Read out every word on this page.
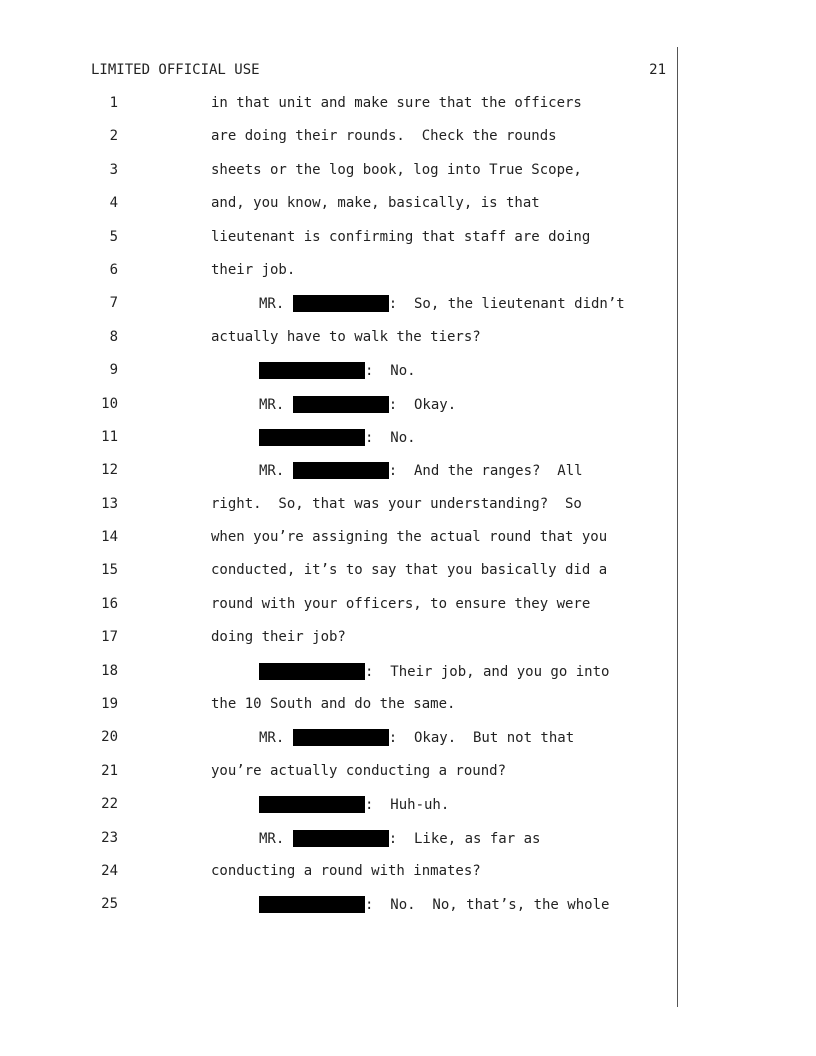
LIMITED OFFICIAL USE	21
1	in that unit and make sure that the officers
2	are doing their rounds.  Check the rounds
3	sheets or the log book, log into True Scope,
4	and, you know, make, basically, is that
5	lieutenant is confirming that staff are doing
6	their job.
7	MR.	:  So, the lieutenant didn’t
8	actually have to walk the tiers?
9	:  No.
10	MR.	:  Okay.
11	:  No.
12	MR.	:  And the ranges?  All
13	right.  So, that was your understanding?  So
14	when you’re assigning the actual round that you
15	conducted, it’s to say that you basically did a
16	round with your officers, to ensure they were
17	doing their job?
18	:  Their job, and you go into
19	the 10 South and do the same.
20	MR.	:  Okay.  But not that
21	you’re actually conducting a round?
22	:  Huh-uh.
23	MR.	:  Like, as far as
24	conducting a round with inmates?
25	:  No.  No, that’s, the whole
